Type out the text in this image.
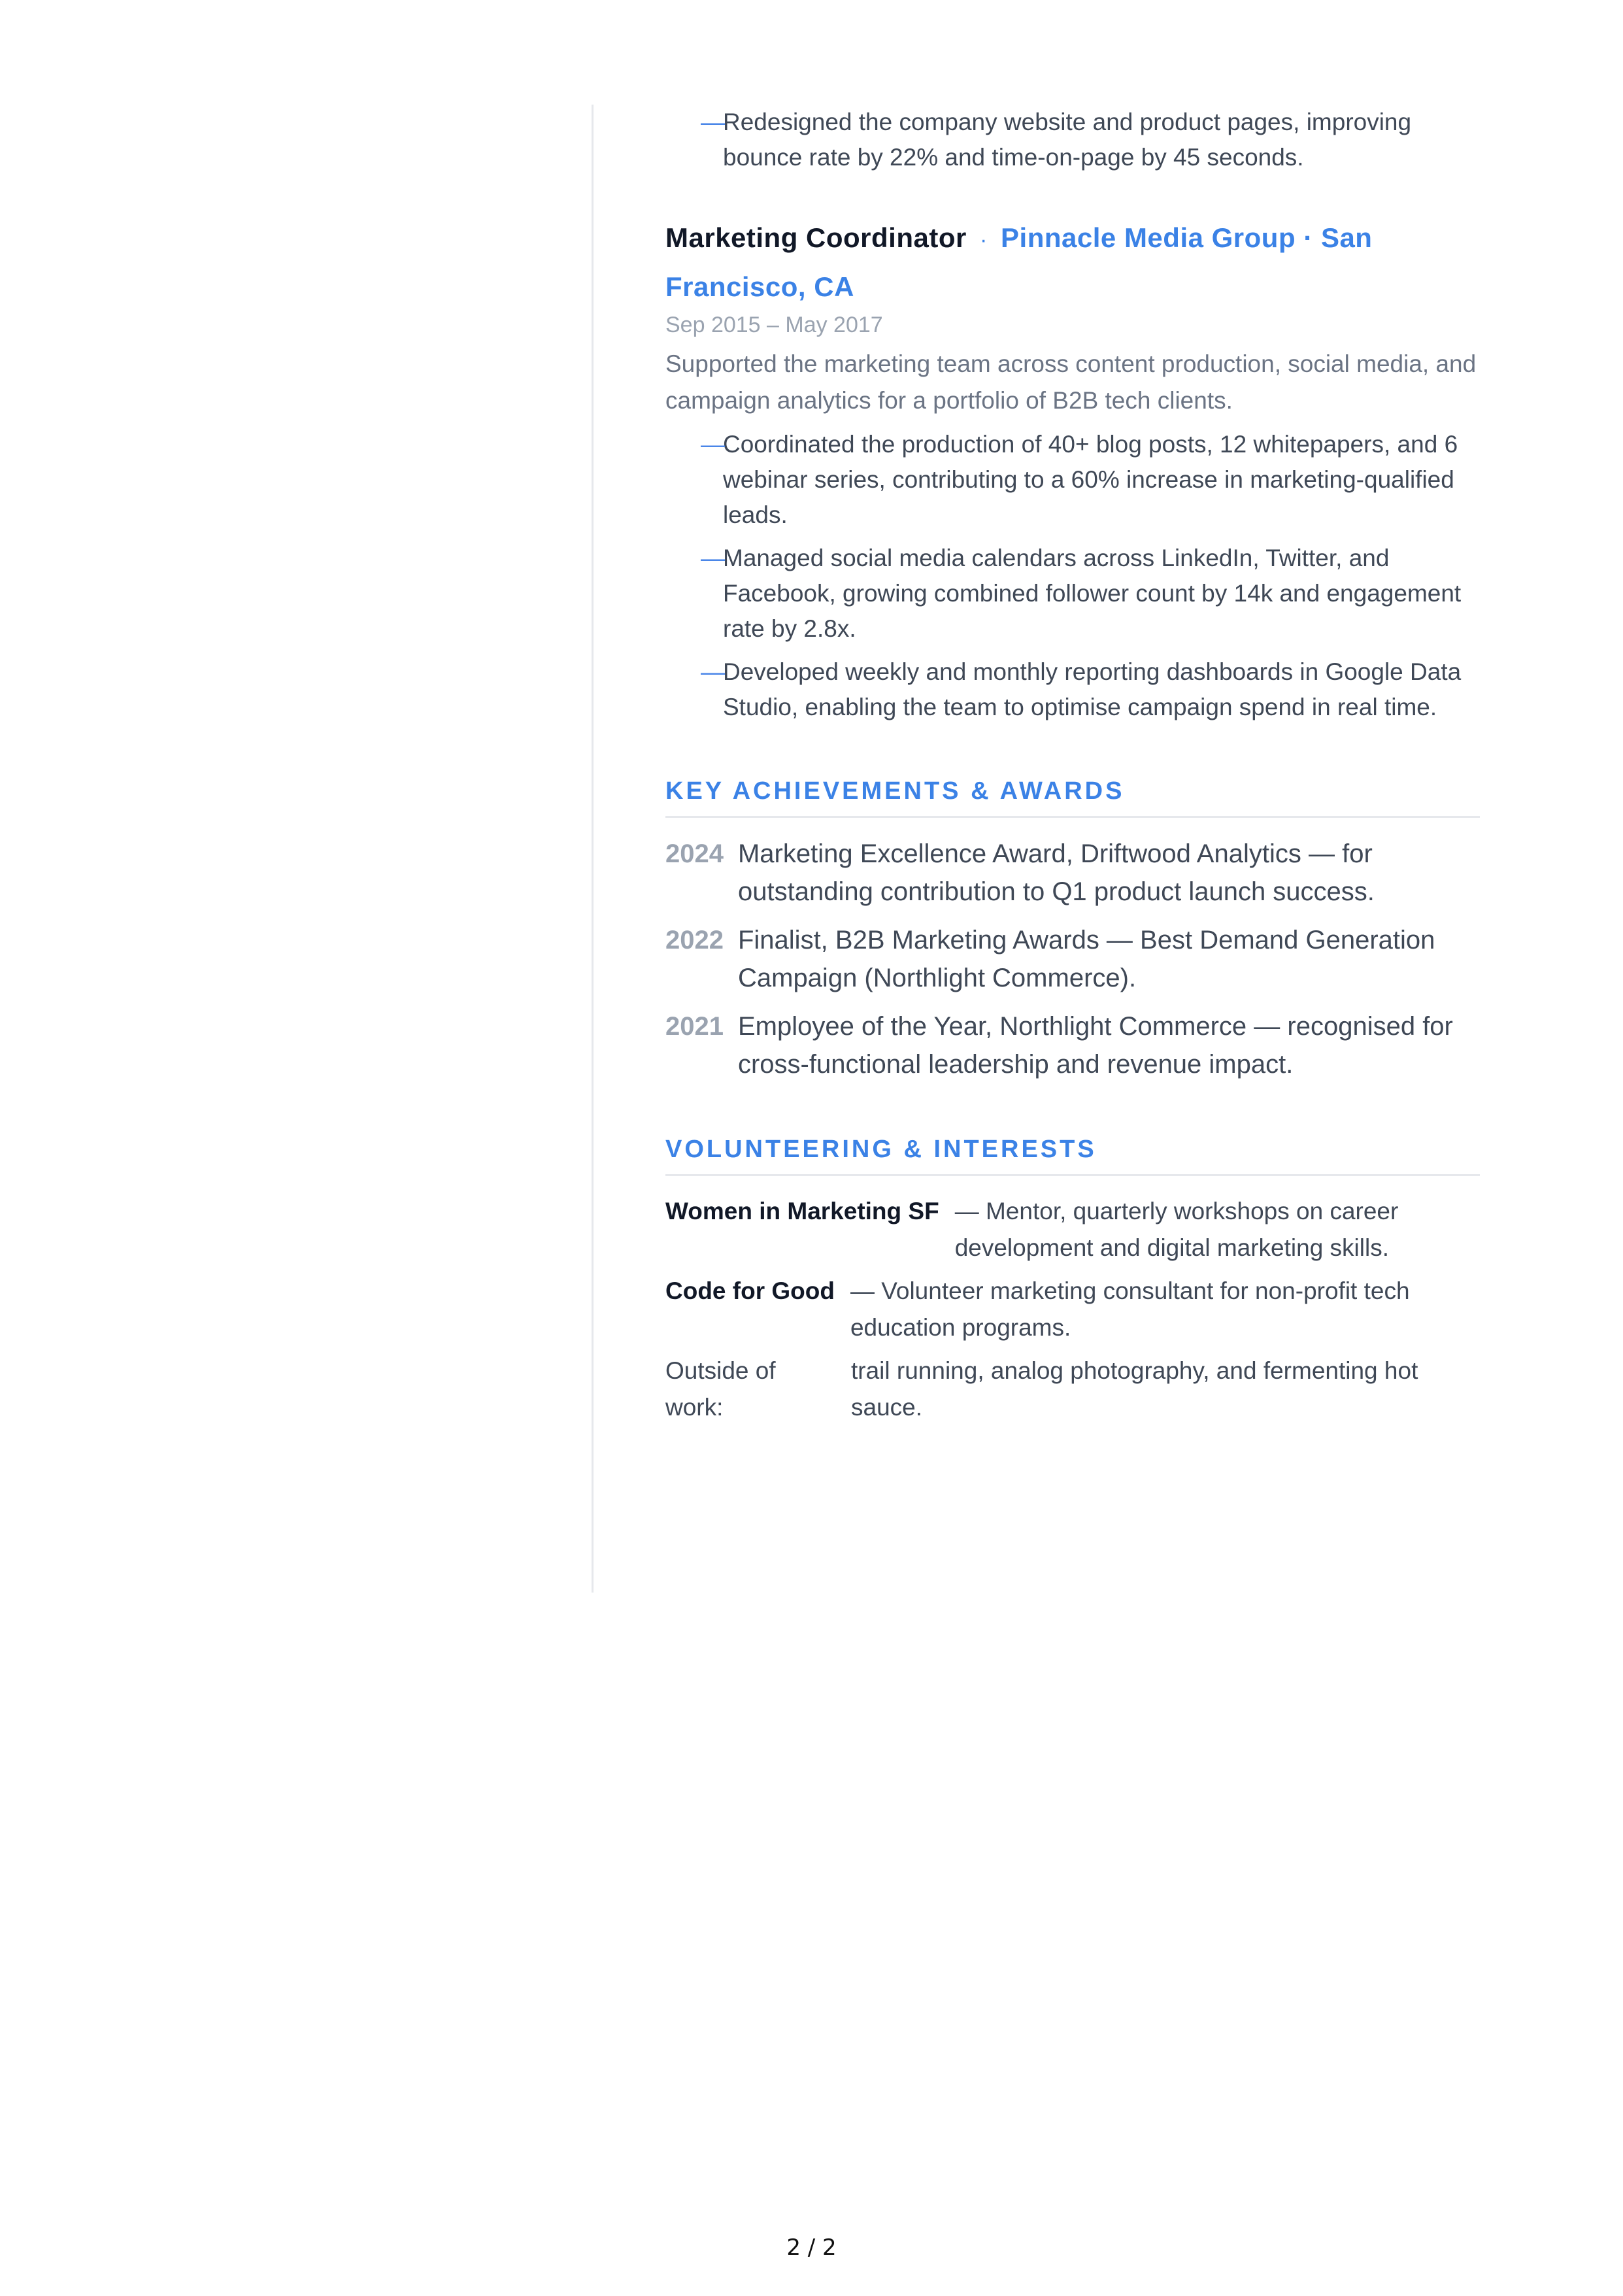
—
Redesigned the company website and product pages, improving bounce rate by 22% and time-on-page by 45 seconds.
Marketing Coordinator · Pinnacle Media Group · San Francisco, CA
Sep 2015 – May 2017
Supported the marketing team across content production, social media, and campaign analytics for a portfolio of B2B tech clients.
—
Coordinated the production of 40+ blog posts, 12 whitepapers, and 6 webinar series, contributing to a 60% increase in marketing-qualified leads.
—
Managed social media calendars across LinkedIn, Twitter, and Facebook, growing combined follower count by 14k and engagement rate by 2.8x.
—
Developed weekly and monthly reporting dashboards in Google Data Studio, enabling the team to optimise campaign spend in real time.
KEY ACHIEVEMENTS & AWARDS
2024 Marketing Excellence Award, Driftwood Analytics — for outstanding contribution to Q1 product launch success.
2022 Finalist, B2B Marketing Awards — Best Demand Generation Campaign (Northlight Commerce).
2021 Employee of the Year, Northlight Commerce — recognised for cross-functional leadership and revenue impact.
VOLUNTEERING & INTERESTS
Women in Marketing SF — Mentor, quarterly workshops on career development and digital marketing skills.
Code for Good — Volunteer marketing consultant for non-profit tech education programs.
Outside of work:
trail running, analog photography, and fermenting hot sauce.
2 / 2
